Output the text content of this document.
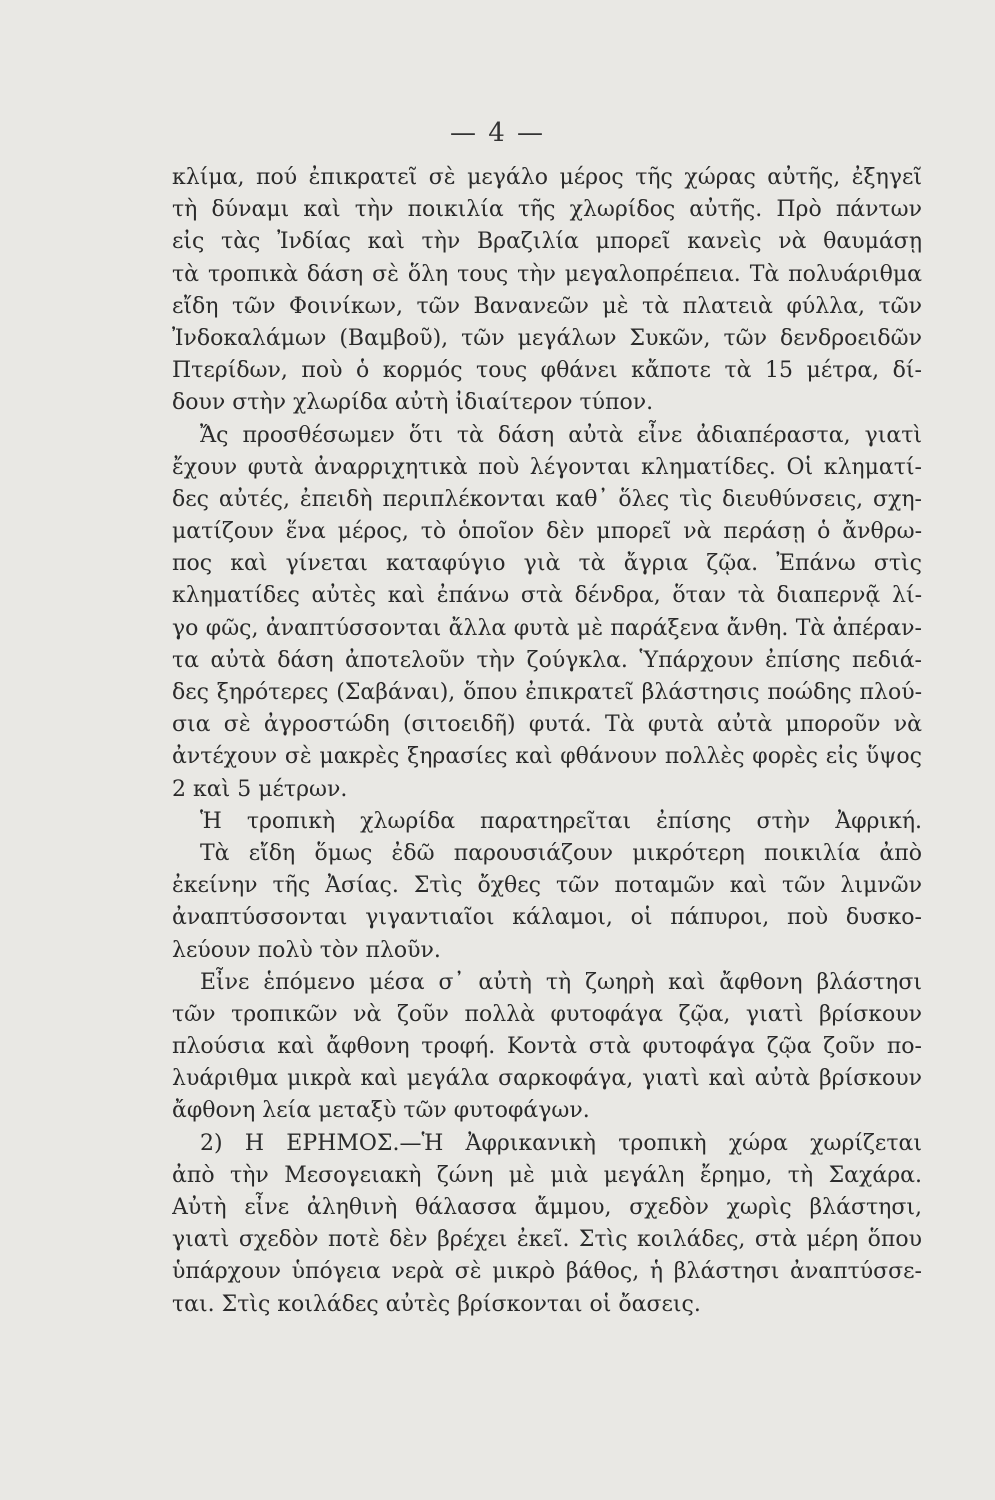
— 4 —
κλίμα, πού ἐπικρατεῖ σὲ μεγάλο μέρος τῆς χώρας αὐτῆς, ἐξηγεῖ
τὴ δύναμι καὶ τὴν ποικιλία τῆς χλωρίδος αὐτῆς. Πρὸ πάντων
εἰς τὰς Ἰνδίας καὶ τὴν Βραζιλία μπορεῖ κανεὶς νὰ θαυμάσῃ
τὰ τροπικὰ δάση σὲ ὅλη τους τὴν μεγαλοπρέπεια. Τὰ πολυάριθμα
εἴδη τῶν Φοινίκων, τῶν Βανανεῶν μὲ τὰ πλατειὰ φύλλα, τῶν
Ἰνδοκαλάμων (Βαμβοῦ), τῶν μεγάλων Συκῶν, τῶν δενδροειδῶν
Πτερίδων, ποὺ ὁ κορμός τους φθάνει κἄποτε τὰ 15 μέτρα, δί-
δουν στὴν χλωρίδα αὐτὴ ἰδιαίτερον τύπον.
Ἄς προσθέσωμεν ὅτι τὰ δάση αὐτὰ εἶνε ἀδιαπέραστα, γιατὶ
ἔχουν φυτὰ ἀναρριχητικὰ ποὺ λέγονται κληματίδες. Οἱ κληματί-
δες αὐτές, ἐπειδὴ περιπλέκονται καθ᾽ ὅλες τὶς διευθύνσεις, σχη-
ματίζουν ἕνα μέρος, τὸ ὁποῖον δὲν μπορεῖ νὰ περάσῃ ὁ ἄνθρω-
πος καὶ γίνεται καταφύγιο γιὰ τὰ ἄγρια ζῷα. Ἐπάνω στὶς
κληματίδες αὐτὲς καὶ ἐπάνω στὰ δένδρα, ὅταν τὰ διαπερνᾷ λί-
γο φῶς, ἀναπτύσσονται ἄλλα φυτὰ μὲ παράξενα ἄνθη. Τὰ ἀπέραν-
τα αὐτὰ δάση ἀποτελοῦν τὴν ζούγκλα. Ὑπάρχουν ἐπίσης πεδιά-
δες ξηρότερες (Σαβάναι), ὅπου ἐπικρατεῖ βλάστησις ποώδης πλού-
σια σὲ ἀγροστώδη (σιτοειδῆ) φυτά. Τὰ φυτὰ αὐτὰ μποροῦν νὰ
ἀντέχουν σὲ μακρὲς ξηρασίες καὶ φθάνουν πολλὲς φορὲς εἰς ὕψος
2 καὶ 5 μέτρων.
Ἡ τροπικὴ χλωρίδα παρατηρεῖται ἐπίσης στὴν Ἀφρική.
Τὰ εἴδη ὅμως ἐδῶ παρουσιάζουν μικρότερη ποικιλία ἀπὸ
ἐκείνην τῆς Ἀσίας. Στὶς ὄχθες τῶν ποταμῶν καὶ τῶν λιμνῶν
ἀναπτύσσονται γιγαντιαῖοι κάλαμοι, οἱ πάπυροι, ποὺ δυσκο-
λεύουν πολὺ τὸν πλοῦν.
Εἶνε ἑπόμενο μέσα σ᾽ αὐτὴ τὴ ζωηρὴ καὶ ἄφθονη βλάστησι
τῶν τροπικῶν νὰ ζοῦν πολλὰ φυτοφάγα ζῷα, γιατὶ βρίσκουν
πλούσια καὶ ἄφθονη τροφή. Κοντὰ στὰ φυτοφάγα ζῷα ζοῦν πο-
λυάριθμα μικρὰ καὶ μεγάλα σαρκοφάγα, γιατὶ καὶ αὐτὰ βρίσκουν
ἄφθονη λεία μεταξὺ τῶν φυτοφάγων.
2) Η ΕΡΗΜΟΣ.—Ἡ Ἀφρικανικὴ τροπικὴ χώρα χωρίζεται
ἀπὸ τὴν Μεσογειακὴ ζώνη μὲ μιὰ μεγάλη ἔρημο, τὴ Σαχάρα.
Αὐτὴ εἶνε ἀληθινὴ θάλασσα ἄμμου, σχεδὸν χωρὶς βλάστησι,
γιατὶ σχεδὸν ποτὲ δὲν βρέχει ἐκεῖ. Στὶς κοιλάδες, στὰ μέρη ὅπου
ὑπάρχουν ὑπόγεια νερὰ σὲ μικρὸ βάθος, ἡ βλάστησι ἀναπτύσσε-
ται. Στὶς κοιλάδες αὐτὲς βρίσκονται οἱ ὄασεις.
